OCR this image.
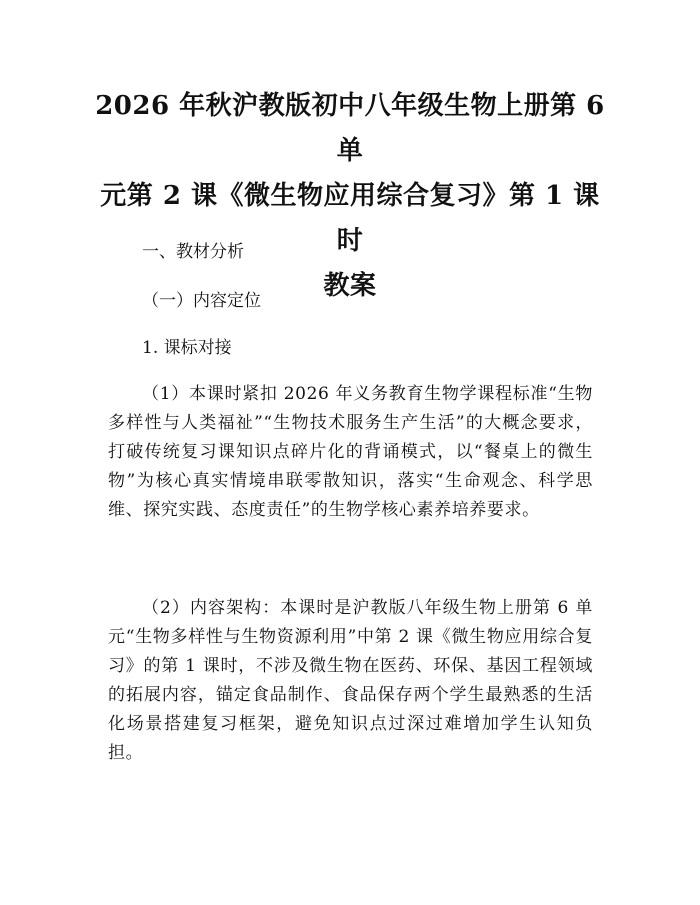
2026 年秋沪教版初中八年级生物上册第 6 单
元第 2 课《微生物应用综合复习》第 1 课时
教案
一、教材分析
（一）内容定位
1. 课标对接
（1）本课时紧扣 2026 年义务教育生物学课程标准“生物多样性与人类福祉”“生物技术服务生产生活”的大概念要求，打破传统复习课知识点碎片化的背诵模式，以“餐桌上的微生物”为核心真实情境串联零散知识，落实“生命观念、科学思维、探究实践、态度责任”的生物学核心素养培养要求。
（2）内容架构：本课时是沪教版八年级生物上册第 6 单元“生物多样性与生物资源利用”中第 2 课《微生物应用综合复习》的第 1 课时，不涉及微生物在医药、环保、基因工程领域的拓展内容，锚定食品制作、食品保存两个学生最熟悉的生活化场景搭建复习框架，避免知识点过深过难增加学生认知负担。
